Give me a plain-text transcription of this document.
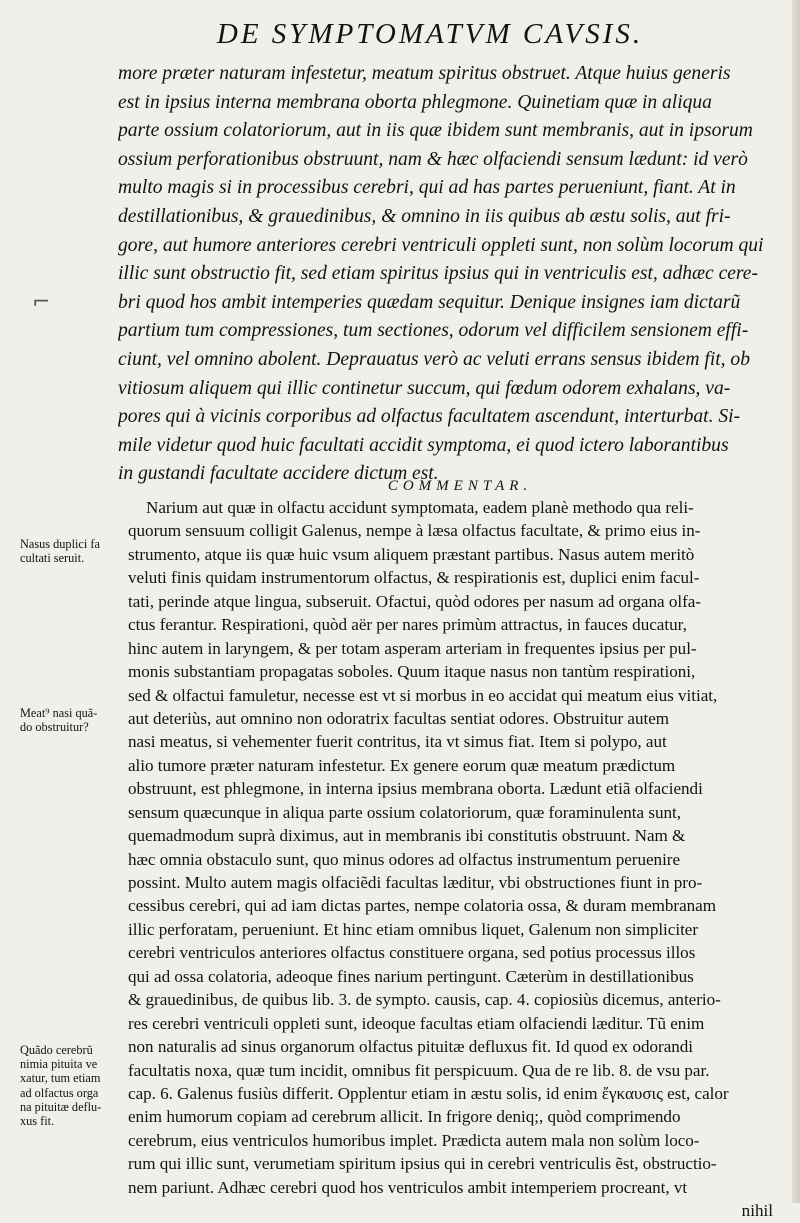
DE SYMPTOMATVM CAVSIS.
more præter naturam infestetur, meatum spiritus obstruet. Atque huius generis
est in ipsius interna membrana oborta phlegmone. Quinetiam quæ in aliqua
parte ossium colatoriorum, aut in iis quæ ibidem sunt membranis, aut in ipsorum
ossium perforationibus obstruunt, nam & hæc olfaciendi sensum lædunt: id verò
multo magis si in processibus cerebri, qui ad has partes perueniunt, fiant. At in
destillationibus, & grauedinibus, & omnino in iis quibus ab æstu solis, aut fri-
gore, aut humore anteriores cerebri ventriculi oppleti sunt, non solùm locorum qui
illic sunt obstructio fit, sed etiam spiritus ipsius qui in ventriculis est, adhæc cere-
bri quod hos ambit intemperies quædam sequitur. Denique insignes iam dictarũ
partium tum compressiones, tum sectiones, odorum vel difficilem sensionem effi-
ciunt, vel omnino abolent. Deprauatus verò ac veluti errans sensus ibidem fit, ob
vitiosum aliquem qui illic continetur succum, qui fœdum odorem exhalans, va-
pores qui à vicinis corporibus ad olfactus facultatem ascendunt, interturbat. Si-
mile videtur quod huic facultati accidit symptoma, ei quod ictero laborantibus
in gustandi facultate accidere dictum est.
COMMENTAR.
Narium aut quæ in olfactu accidunt symptomata, eadem planè methodo qua reli-
quorum sensuum colligit Galenus, nempe à læsa olfactus facultate, & primo eius in-
strumento, atque iis quæ huic vsum aliquem præstant partibus. Nasus autem meritò
veluti finis quidam instrumentorum olfactus, & respirationis est, duplici enim facul-
tati, perinde atque lingua, subseruit. Ofactui, quòd odores per nasum ad organa olfa-
ctus ferantur. Respirationi, quòd aër per nares primùm attractus, in fauces ducatur,
hinc autem in laryngem, & per totam asperam arteriam in frequentes ipsius per pul-
monis substantiam propagatas soboles. Quum itaque nasus non tantùm respirationi,
sed & olfactui famuletur, necesse est vt si morbus in eo accidat qui meatum eius vitiat,
aut deteriùs, aut omnino non odoratrix facultas sentiat odores. Obstruitur autem
nasi meatus, si vehementer fuerit contritus, ita vt simus fiat. Item si polypo, aut
alio tumore præter naturam infestetur. Ex genere eorum quæ meatum prædictum
obstruunt, est phlegmone, in interna ipsius membrana oborta. Lædunt etiã olfaciendi
sensum quæcunque in aliqua parte ossium colatoriorum, quæ foraminulenta sunt,
quemadmodum suprà diximus, aut in membranis ibi constitutis obstruunt. Nam &
hæc omnia obstaculo sunt, quo minus odores ad olfactus instrumentum peruenire
possint. Multo autem magis olfaciẽdi facultas læditur, vbi obstructiones fiunt in pro-
cessibus cerebri, qui ad iam dictas partes, nempe colatoria ossa, & duram membranam
illic perforatam, perueniunt. Et hinc etiam omnibus liquet, Galenum non simpliciter
cerebri ventriculos anteriores olfactus constituere organa, sed potius processus illos
qui ad ossa colatoria, adeoque fines narium pertingunt. Cæterùm in destillationibus
& grauedinibus, de quibus lib. 3. de sympto. causis, cap. 4. copiosiùs dicemus, anterio-
res cerebri ventriculi oppleti sunt, ideoque facultas etiam olfaciendi læditur. Tũ enim
non naturalis ad sinus organorum olfactus pituitæ defluxus fit. Id quod ex odorandi
facultatis noxa, quæ tum incidit, omnibus fit perspicuum. Qua de re lib. 8. de vsu par.
cap. 6. Galenus fusiùs differit. Opplentur etiam in æstu solis, id enim ἔγκαυσις est, calor
enim humorum copiam ad cerebrum allicit. In frigore deniq;, quòd comprimendo
cerebrum, eius ventriculos humoribus implet. Prædicta autem mala non solùm loco-
rum qui illic sunt, verumetiam spiritum ipsius qui in cerebri ventriculis ẽst, obstructio-
nem pariunt. Adhæc cerebri quod hos ventriculos ambit intemperiem procreant, vt
nihil
Nasus duplici fa
cultati seruit.
Meat⁹ nasi quã-
do obstruitur?
Quãdo cerebrũ
nimia pituita ve
xatur, tum etiam
ad olfactus orga
na pituitæ deflu-
xus fit.
⌐
